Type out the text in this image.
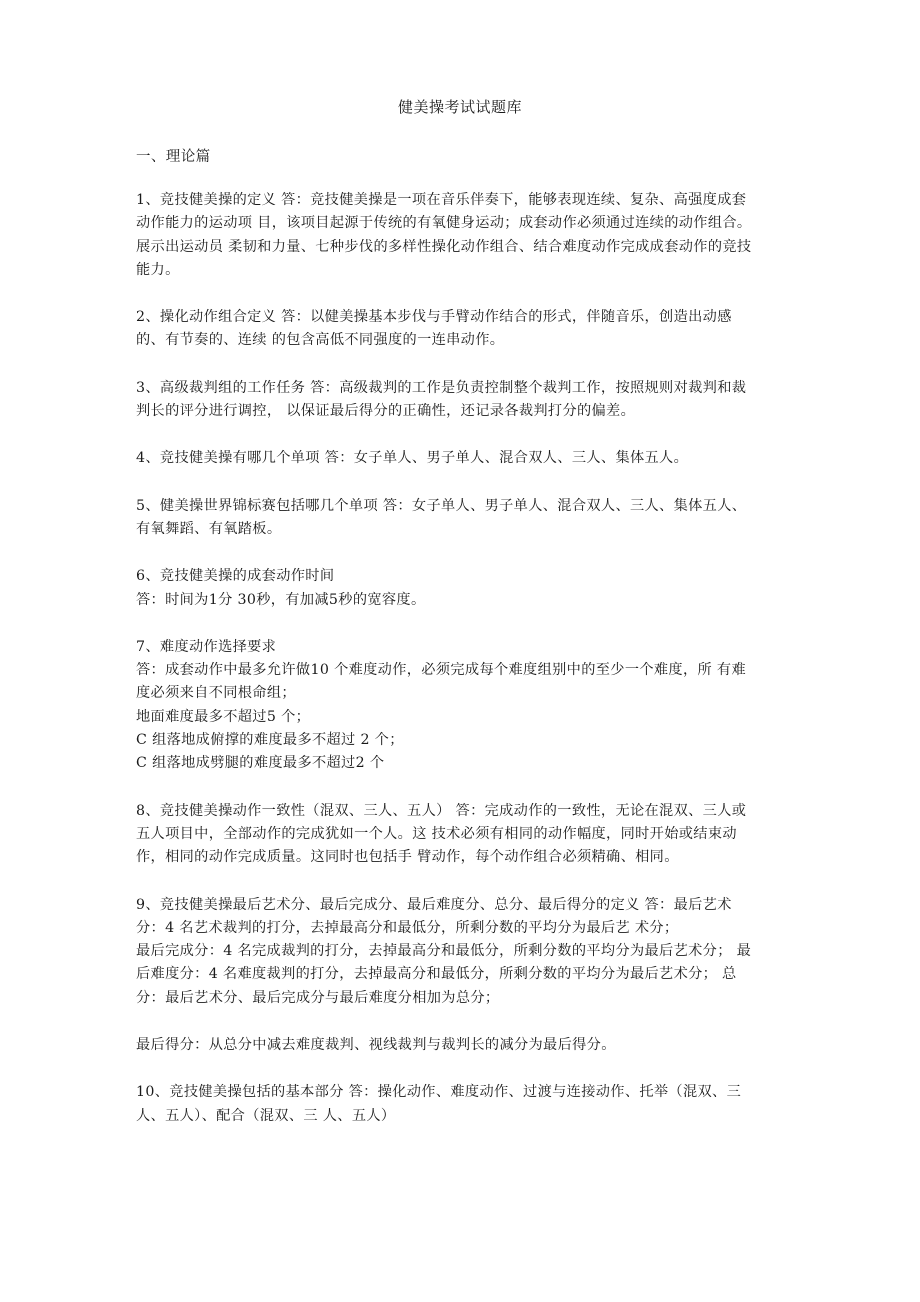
健美操考试试题库
一、理论篇
1、竞技健美操的定义 答：竞技健美操是一项在音乐伴奏下，能够表现连续、复杂、高强度成套
动作能力的运动项 目，该项目起源于传统的有氧健身运动；成套动作必须通过连续的动作组合。
展示出运动员 柔韧和力量、七种步伐的多样性操化动作组合、结合难度动作完成成套动作的竞技
能力。
2、操化动作组合定义 答：以健美操基本步伐与手臂动作结合的形式，伴随音乐，创造出动感
的、有节奏的、连续 的包含高低不同强度的一连串动作。
3、高级裁判组的工作任务 答：高级裁判的工作是负责控制整个裁判工作，按照规则对裁判和裁
判长的评分进行调控， 以保证最后得分的正确性，还记录各裁判打分的偏差。
4、竞技健美操有哪几个单项 答：女子单人、男子单人、混合双人、三人、集体五人。
5、健美操世界锦标赛包括哪几个单项 答：女子单人、男子单人、混合双人、三人、集体五人、
有氧舞蹈、有氧踏板。
6、竞技健美操的成套动作时间
答：时间为1分 30秒，有加减5秒的宽容度。
7、难度动作选择要求
答：成套动作中最多允许做10 个难度动作，必须完成每个难度组别中的至少一个难度，所 有难
度必须来自不同根命组；
地面难度最多不超过5 个；
C 组落地成俯撑的难度最多不超过 2 个；
C 组落地成劈腿的难度最多不超过2 个
8、竞技健美操动作一致性（混双、三人、五人） 答：完成动作的一致性，无论在混双、三人或
五人项目中，全部动作的完成犹如一个人。这 技术必须有相同的动作幅度，同时开始或结束动
作，相同的动作完成质量。这同时也包括手 臂动作，每个动作组合必须精确、相同。
9、竞技健美操最后艺术分、最后完成分、最后难度分、总分、最后得分的定义 答：最后艺术
分：4 名艺术裁判的打分，去掉最高分和最低分，所剩分数的平均分为最后艺 术分；
最后完成分：4 名完成裁判的打分，去掉最高分和最低分，所剩分数的平均分为最后艺术分； 最
后难度分：4 名难度裁判的打分，去掉最高分和最低分，所剩分数的平均分为最后艺术分； 总
分：最后艺术分、最后完成分与最后难度分相加为总分；
最后得分：从总分中减去难度裁判、视线裁判与裁判长的减分为最后得分。
10、竞技健美操包括的基本部分 答：操化动作、难度动作、过渡与连接动作、托举（混双、三
人、五人）、配合（混双、三 人、五人）
